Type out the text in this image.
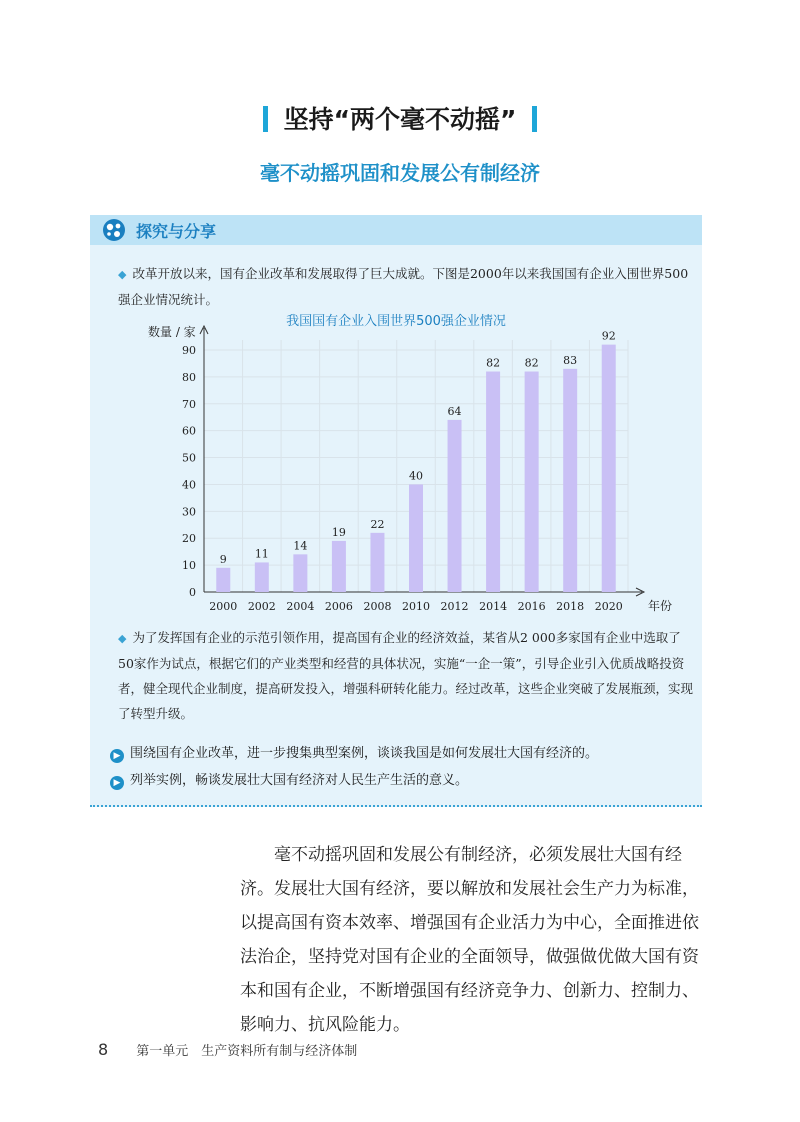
坚持“两个毫不动摇”
毫不动摇巩固和发展公有制经济
探究与分享
◆ 改革开放以来，国有企业改革和发展取得了巨大成就。下图是2000年以来我国国有企业入围世界500强企业情况统计。
我国国有企业入围世界500强企业情况
0
10
20
30
40
50
60
70
80
90
数量 / 家
年份
9
2000
11
2002
14
2004
19
2006
22
2008
40
2010
64
2012
82
2014
82
2016
83
2018
92
2020
◆ 为了发挥国有企业的示范引领作用，提高国有企业的经济效益，某省从2 000多家国有企业中选取了50家作为试点，根据它们的产业类型和经营的具体状况，实施“一企一策”，引导企业引入优质战略投资者，健全现代企业制度，提高研发投入，增强科研转化能力。经过改革，这些企业突破了发展瓶颈，实现了转型升级。
▶ 围绕国有企业改革，进一步搜集典型案例，谈谈我国是如何发展壮大国有经济的。
▶ 列举实例，畅谈发展壮大国有经济对人民生产生活的意义。
毫不动摇巩固和发展公有制经济，必须发展壮大国有经济。 发展壮大国有经济，要以解放和发展社会生产力为标准，以提高国有资本效率、增强国有企业活力为中心，全面推进依法治企，坚持党对国有企业的全面领导，做强做优做大国有资本和国有企业，不断增强国有经济竞争力、创新力、控制力、影响力、抗风险能力。
8 第一单元　生产资料所有制与经济体制
